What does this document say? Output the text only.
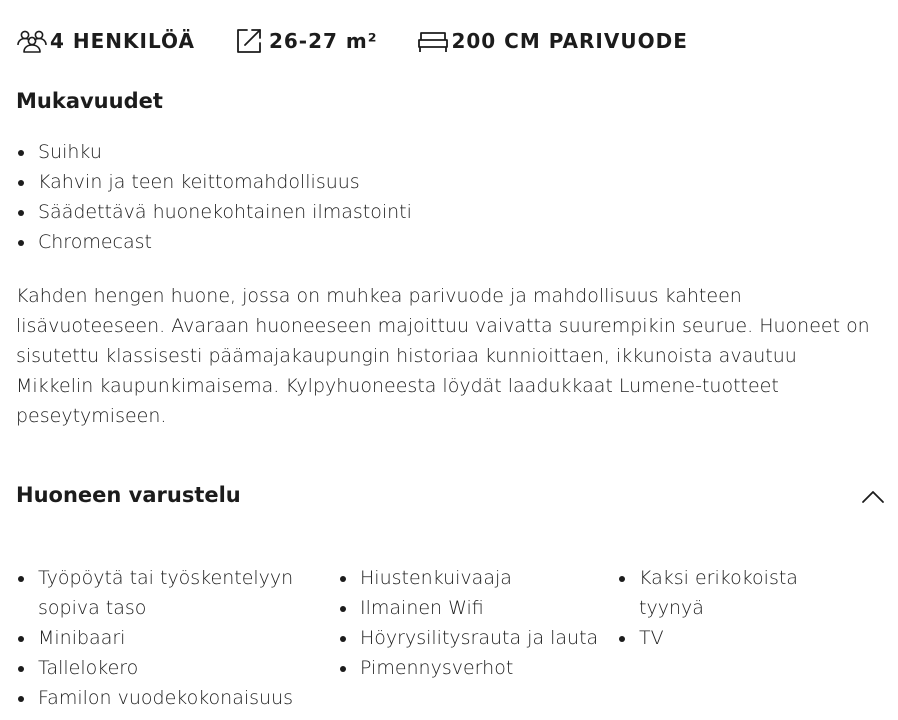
4 HENKILÖÄ	26-27 m²	200 CM PARIVUODE
Mukavuudet
Suihku
Kahvin ja teen keittomahdollisuus
Säädettävä huonekohtainen ilmastointi
Chromecast

Kahden hengen huone, jossa on muhkea parivuode ja mahdollisuus kahteen lisävuoteeseen. Avaraan huoneeseen majoittuu vaivatta suurempikin seurue. Huoneet on sisutettu klassisesti päämajakaupungin historiaa kunnioittaen, ikkunoista avautuu Mikkelin kaupunkimaisema. Kylpyhuoneesta löydät laadukkaat Lumene-tuotteet peseytymiseen.

Huoneen varustelu
Työpöytä tai työskentelyyn sopiva taso
Minibaari
Tallelokero
Familon vuodekokonaisuus
Hiustenkuivaaja
Ilmainen Wifi
Höyrysilitysrauta ja lauta
Pimennysverhot
Kaksi erikokoista tyynyä
TV
